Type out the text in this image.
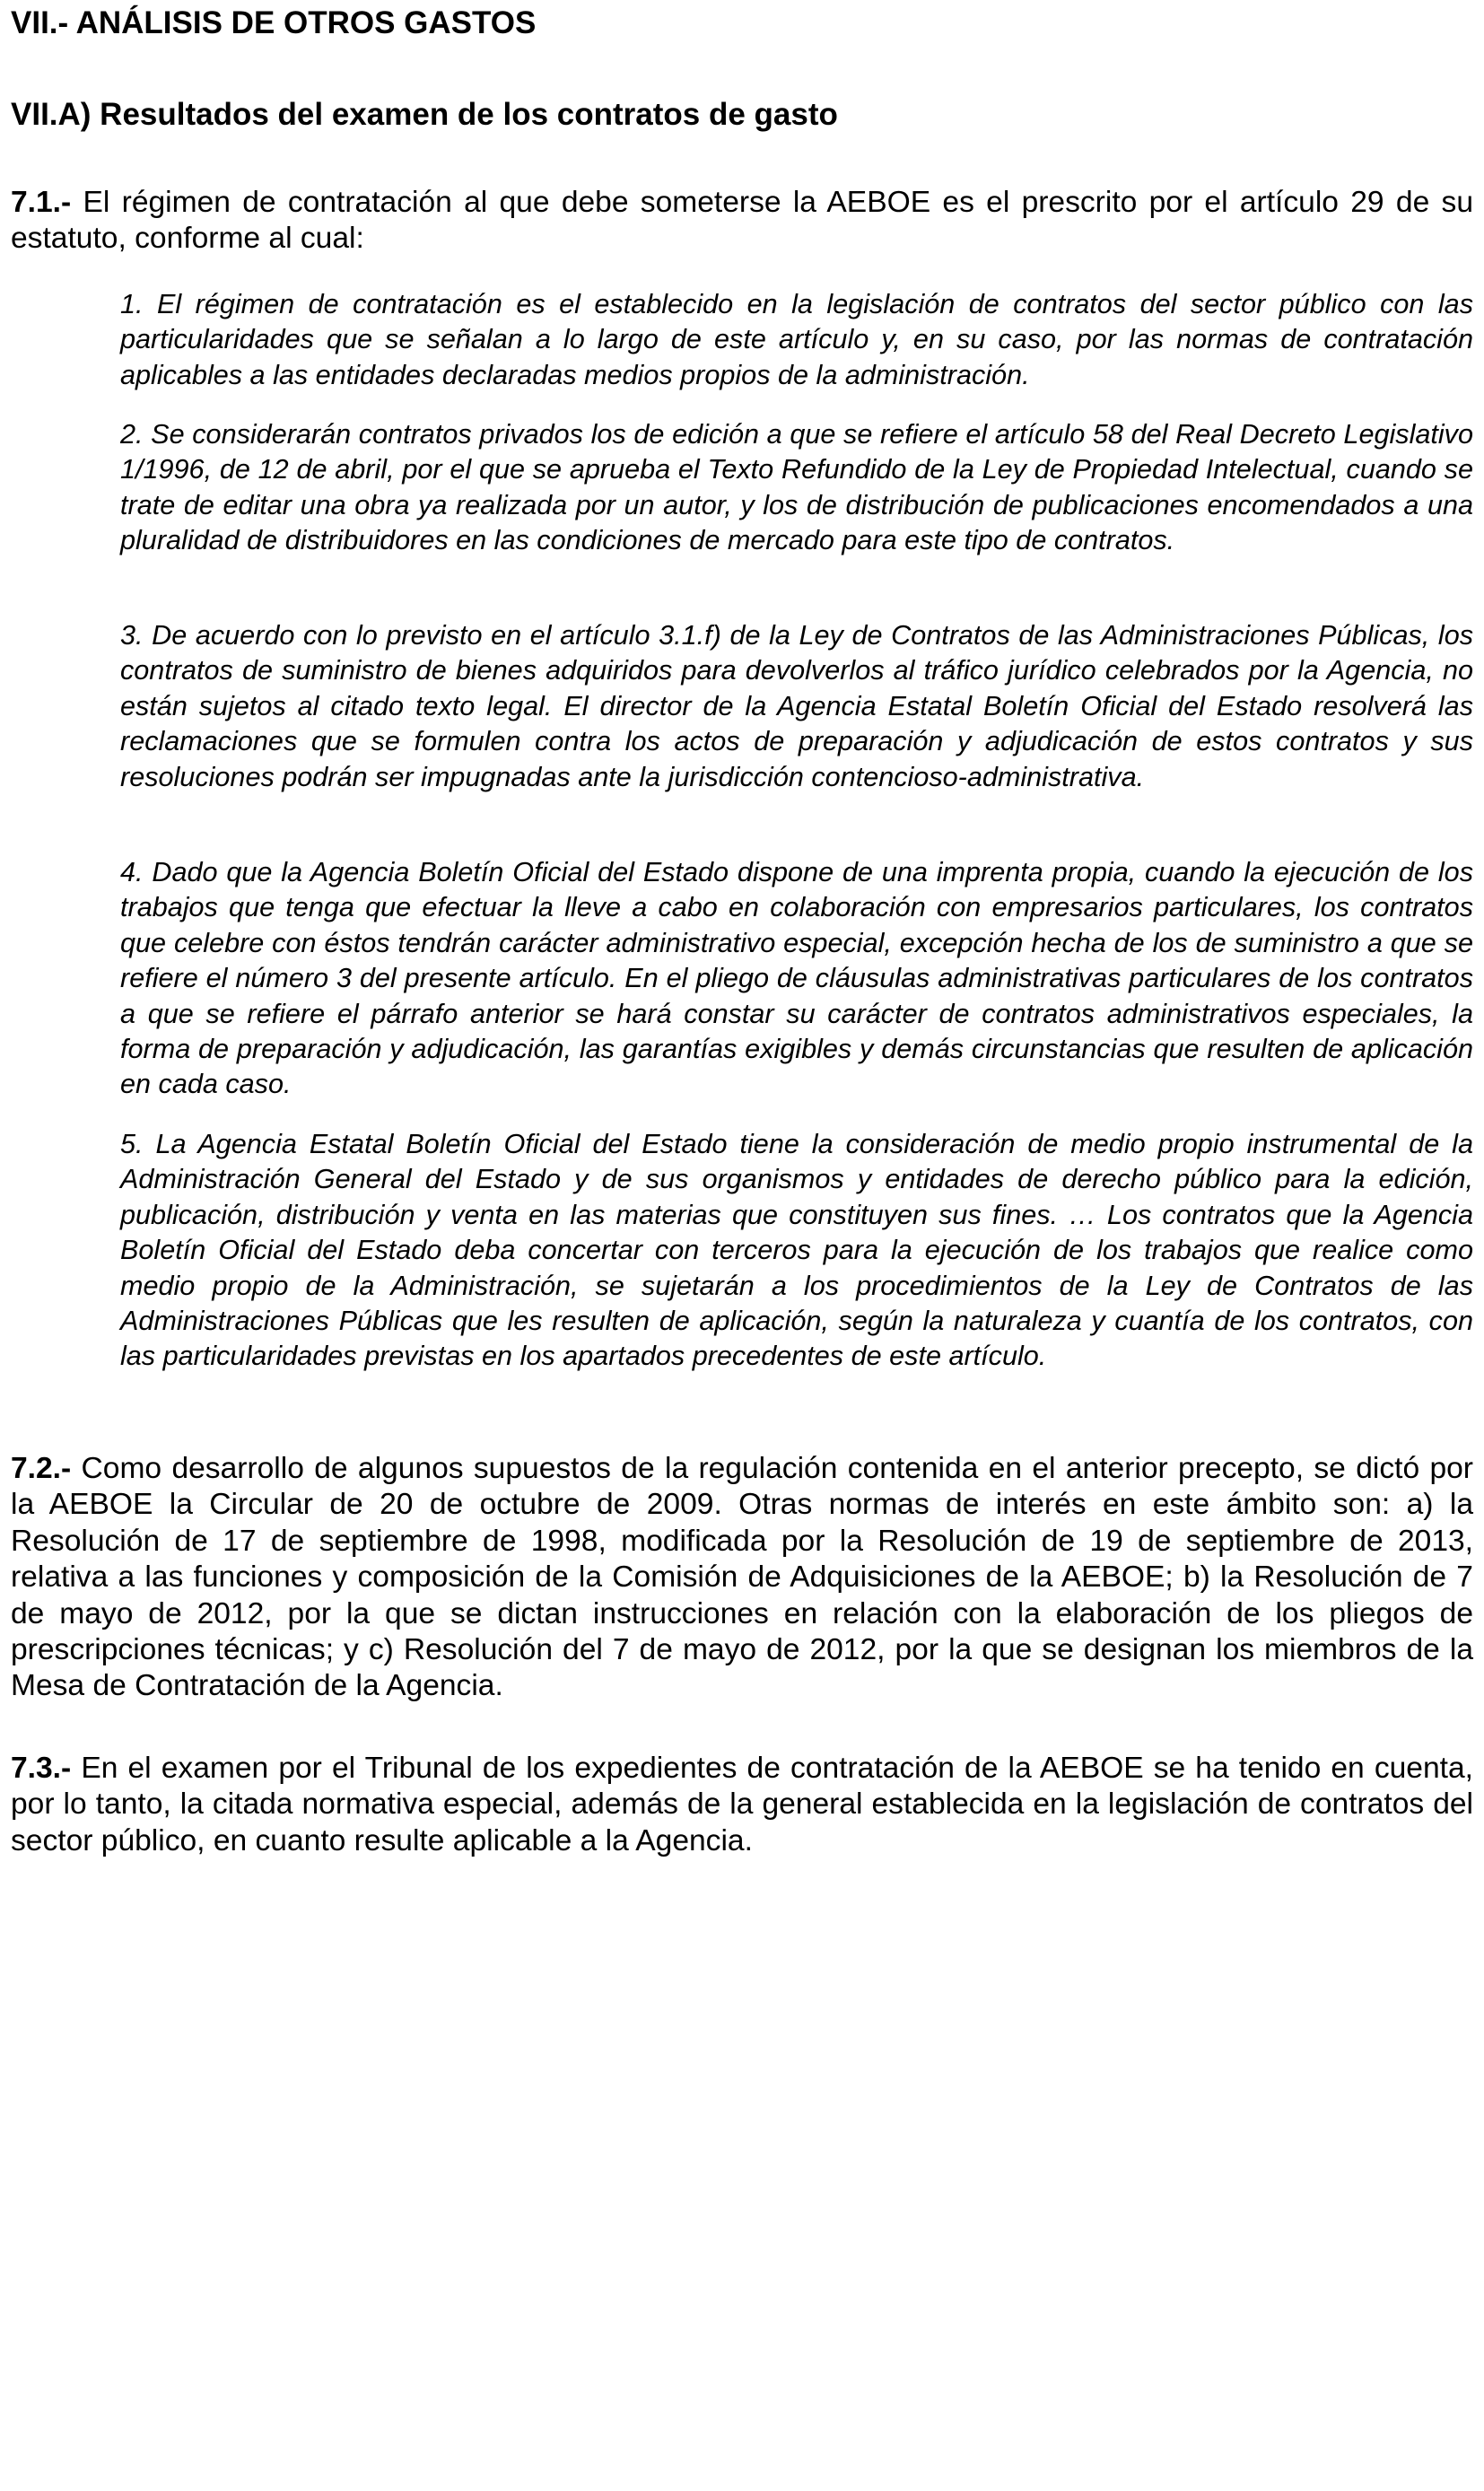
VII.- ANÁLISIS DE OTROS GASTOS
VII.A) Resultados del examen de los contratos de gasto

7.1.- El régimen de contratación al que debe someterse la AEBOE es el prescrito por el artículo 29 de su estatuto, conforme al cual:

1. El régimen de contratación es el establecido en la legislación de contratos del sector público con las particularidades que se señalan a lo largo de este artículo y, en su caso, por las normas de contratación aplicables a las entidades declaradas medios propios de la administración.

2. Se considerarán contratos privados los de edición a que se refiere el artículo 58 del Real Decreto Legislativo 1/1996, de 12 de abril, por el que se aprueba el Texto Refundido de la Ley de Propiedad Intelectual, cuando se trate de editar una obra ya realizada por un autor, y los de distribución de publicaciones encomendados a una pluralidad de distribuidores en las condiciones de mercado para este tipo de contratos.

3. De acuerdo con lo previsto en el artículo 3.1.f) de la Ley de Contratos de las Administraciones Públicas, los contratos de suministro de bienes adquiridos para devolverlos al tráfico jurídico celebrados por la Agencia, no están sujetos al citado texto legal. El director de la Agencia Estatal Boletín Oficial del Estado resolverá las reclamaciones que se formulen contra los actos de preparación y adjudicación de estos contratos y sus resoluciones podrán ser impugnadas ante la jurisdicción contencioso-administrativa.

4. Dado que la Agencia Boletín Oficial del Estado dispone de una imprenta propia, cuando la ejecución de los trabajos que tenga que efectuar la lleve a cabo en colaboración con empresarios particulares, los contratos que celebre con éstos tendrán carácter administrativo especial, excepción hecha de los de suministro a que se refiere el número 3 del presente artículo. En el pliego de cláusulas administrativas particulares de los contratos a que se refiere el párrafo anterior se hará constar su carácter de contratos administrativos especiales, la forma de preparación y adjudicación, las garantías exigibles y demás circunstancias que resulten de aplicación en cada caso.

5. La Agencia Estatal Boletín Oficial del Estado tiene la consideración de medio propio instrumental de la Administración General del Estado y de sus organismos y entidades de derecho público para la edición, publicación, distribución y venta en las materias que constituyen sus fines. … Los contratos que la Agencia Boletín Oficial del Estado deba concertar con terceros para la ejecución de los trabajos que realice como medio propio de la Administración, se sujetarán a los procedimientos de la Ley de Contratos de las Administraciones Públicas que les resulten de aplicación, según la naturaleza y cuantía de los contratos, con las particularidades previstas en los apartados precedentes de este artículo.

7.2.- Como desarrollo de algunos supuestos de la regulación contenida en el anterior precepto, se dictó por la AEBOE la Circular de 20 de octubre de 2009. Otras normas de interés en este ámbito son: a) la Resolución de 17 de septiembre de 1998, modificada por la Resolución de 19 de septiembre de 2013, relativa a las funciones y composición de la Comisión de Adquisiciones de la AEBOE; b) la Resolución de 7 de mayo de 2012, por la que se dictan instrucciones en relación con la elaboración de los pliegos de prescripciones técnicas; y c) Resolución del 7 de mayo de 2012, por la que se designan los miembros de la Mesa de Contratación de la Agencia.

7.3.- En el examen por el Tribunal de los expedientes de contratación de la AEBOE se ha tenido en cuenta, por lo tanto, la citada normativa especial, además de la general establecida en la legislación de contratos del sector público, en cuanto resulte aplicable a la Agencia.
